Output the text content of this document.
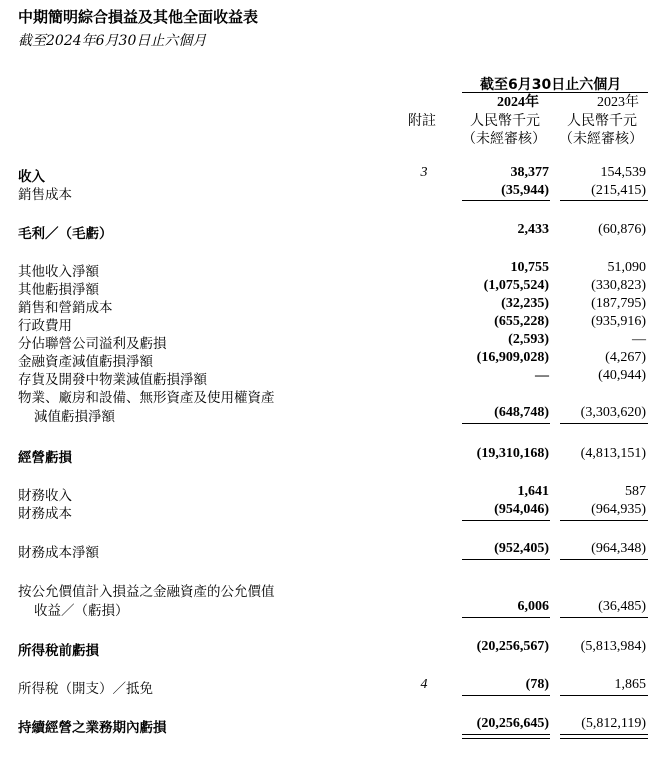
中期簡明綜合損益及其他全面收益表
截至2024年6月30日止六個月
截至6月30日止六個月
2024年	2023年
附註 人民幣千元 人民幣千元
（未經審核） （未經審核）
收入	3	38,377	154,539
銷售成本	(35,944)	(215,415)
毛利／（毛虧）	2,433	(60,876)
其他收入淨額	10,755	51,090
其他虧損淨額	(1,075,524)	(330,823)
銷售和營銷成本	(32,235)	(187,795)
行政費用	(655,228)	(935,916)
分佔聯營公司溢利及虧損	(2,593)	—
金融資產減值虧損淨額	(16,909,028)	(4,267)
存貨及開發中物業減值虧損淨額	—	(40,944)
物業、廠房和設備、無形資產及使用權資產
減值虧損淨額	(648,748) (3,303,620)
經營虧損	(19,310,168) (4,813,151)
財務收入	1,641	587
財務成本	(954,046)	(964,935)
財務成本淨額	(952,405)	(964,348)
按公允價值計入損益之金融資產的公允價值
收益／（虧損）	6,006	(36,485)
所得稅前虧損	(20,256,567) (5,813,984)
所得稅（開支）／抵免	4	(78)	1,865
持續經營之業務期內虧損	(20,256,645) (5,812,119)
